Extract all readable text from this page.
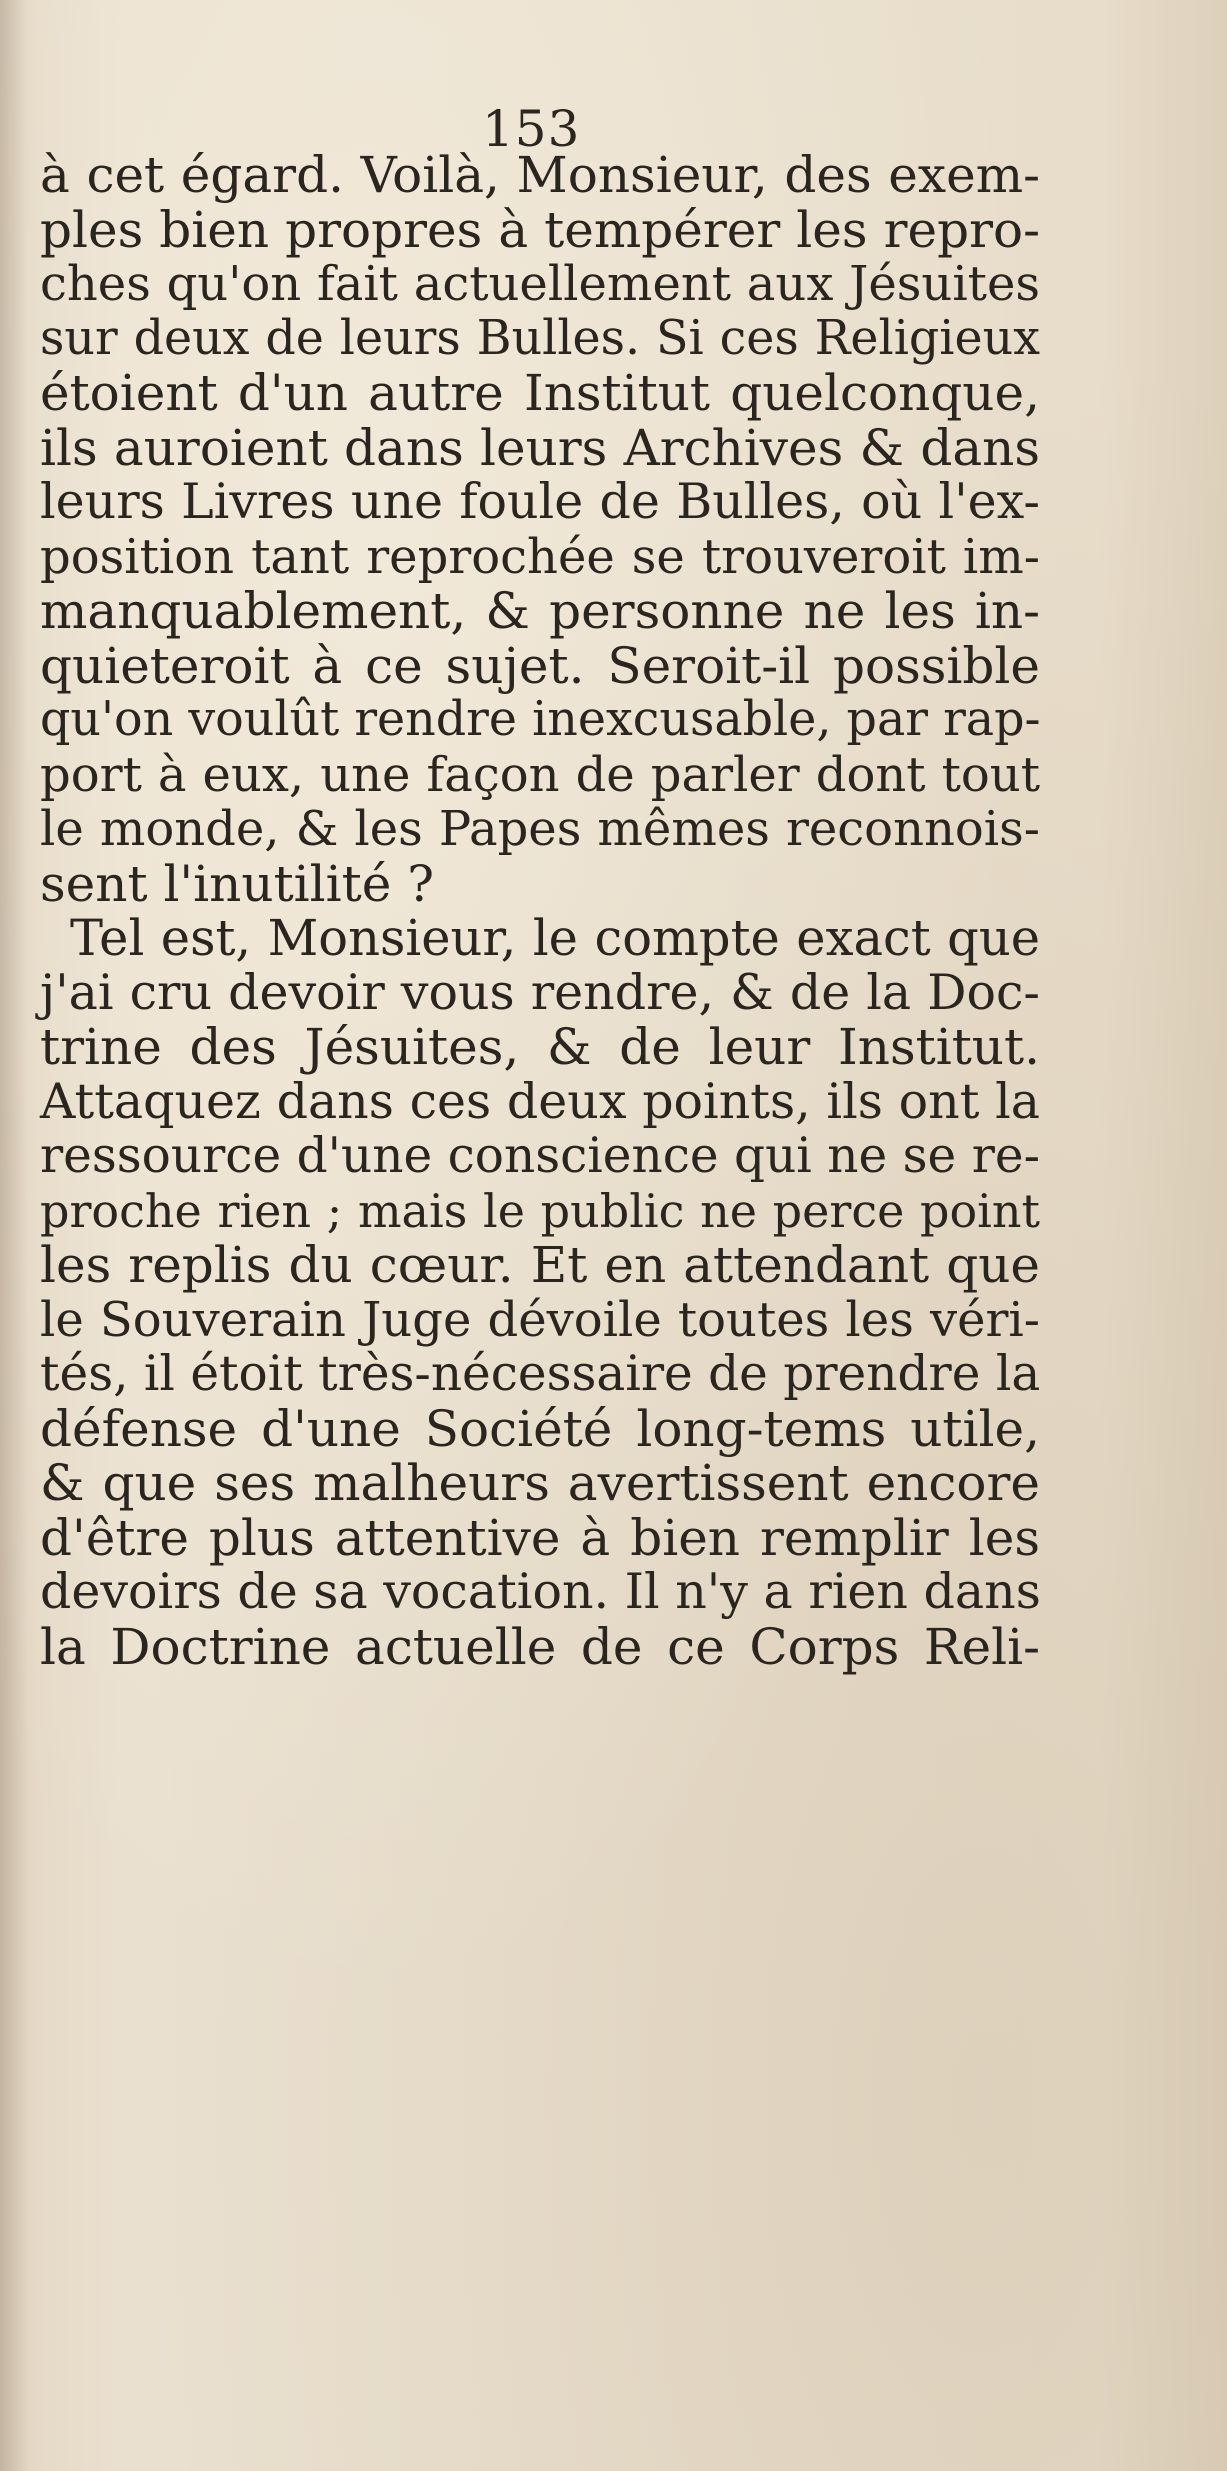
153

à cet égard. Voilà, Monsieur, des exem-
ples bien propres à tempérer les repro-
ches qu'on fait actuellement aux Jésuites
sur deux de leurs Bulles. Si ces Religieux
étoient d'un autre Institut quelconque,
ils auroient dans leurs Archives & dans
leurs Livres une foule de Bulles, où l'ex-
position tant reprochée se trouveroit im-
manquablement, & personne ne les in-
quieteroit à ce sujet. Seroit-il possible
qu'on voulût rendre inexcusable, par rap-
port à eux, une façon de parler dont tout
le monde, & les Papes mêmes reconnois-
sent l'inutilité ?
Tel est, Monsieur, le compte exact que
j'ai cru devoir vous rendre, & de la Doc-
trine des Jésuites, & de leur Institut.
Attaquez dans ces deux points, ils ont la
ressource d'une conscience qui ne se re-
proche rien ; mais le public ne perce point
les replis du cœur. Et en attendant que
le Souverain Juge dévoile toutes les véri-
tés, il étoit très-nécessaire de prendre la
défense d'une Société long-tems utile,
& que ses malheurs avertissent encore
d'être plus attentive à bien remplir les
devoirs de sa vocation. Il n'y a rien dans
la Doctrine actuelle de ce Corps Reli-
